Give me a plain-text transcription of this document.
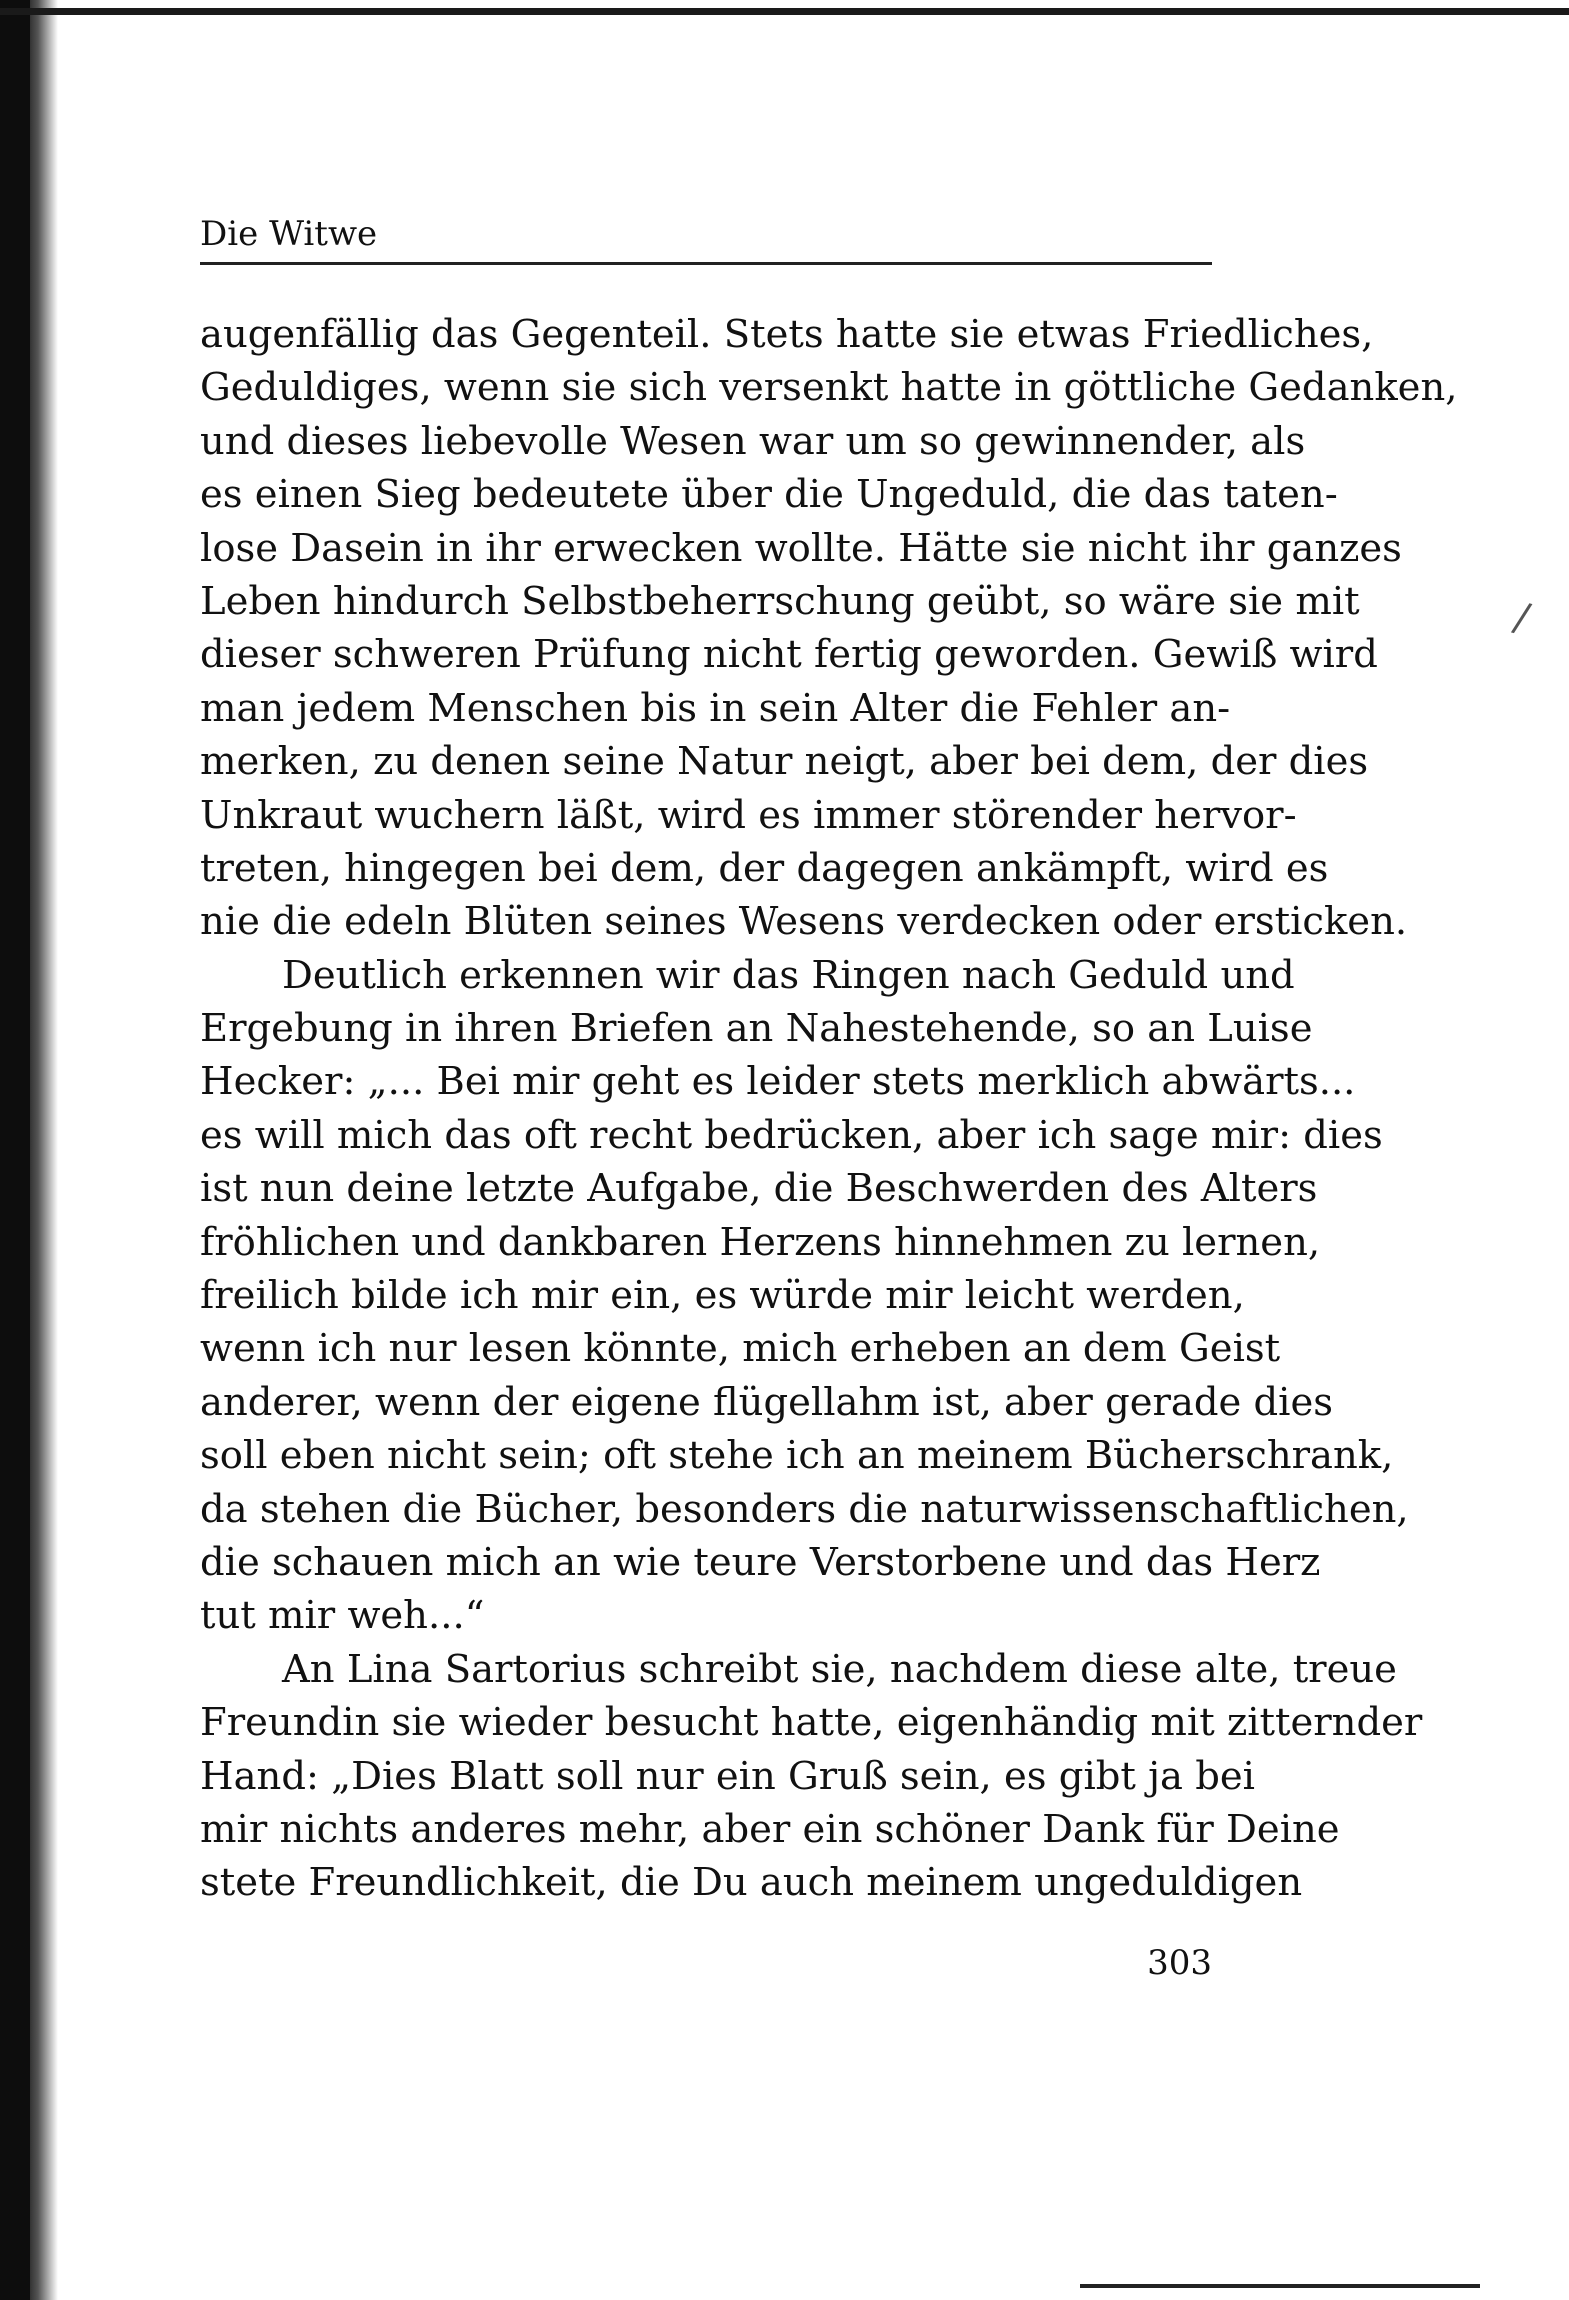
/
Die Witwe
augenfällig das Gegenteil. Stets hatte sie etwas Friedliches,
Geduldiges, wenn sie sich versenkt hatte in göttliche Gedanken,
und dieses liebevolle Wesen war um so gewinnender, als
es einen Sieg bedeutete über die Ungeduld, die das taten-
lose Dasein in ihr erwecken wollte. Hätte sie nicht ihr ganzes
Leben hindurch Selbstbeherrschung geübt, so wäre sie mit
dieser schweren Prüfung nicht fertig geworden. Gewiß wird
man jedem Menschen bis in sein Alter die Fehler an-
merken, zu denen seine Natur neigt, aber bei dem, der dies
Unkraut wuchern läßt, wird es immer störender hervor-
treten, hingegen bei dem, der dagegen ankämpft, wird es
nie die edeln Blüten seines Wesens verdecken oder ersticken.
Deutlich erkennen wir das Ringen nach Geduld und
Ergebung in ihren Briefen an Nahestehende, so an Luise
Hecker: „... Bei mir geht es leider stets merklich abwärts...
es will mich das oft recht bedrücken, aber ich sage mir: dies
ist nun deine letzte Aufgabe, die Beschwerden des Alters
fröhlichen und dankbaren Herzens hinnehmen zu lernen,
freilich bilde ich mir ein, es würde mir leicht werden,
wenn ich nur lesen könnte, mich erheben an dem Geist
anderer, wenn der eigene flügellahm ist, aber gerade dies
soll eben nicht sein; oft stehe ich an meinem Bücherschrank,
da stehen die Bücher, besonders die naturwissenschaftlichen,
die schauen mich an wie teure Verstorbene und das Herz
tut mir weh...“
An Lina Sartorius schreibt sie, nachdem diese alte, treue
Freundin sie wieder besucht hatte, eigenhändig mit zitternder
Hand: „Dies Blatt soll nur ein Gruß sein, es gibt ja bei
mir nichts anderes mehr, aber ein schöner Dank für Deine
stete Freundlichkeit, die Du auch meinem ungeduldigen
303
